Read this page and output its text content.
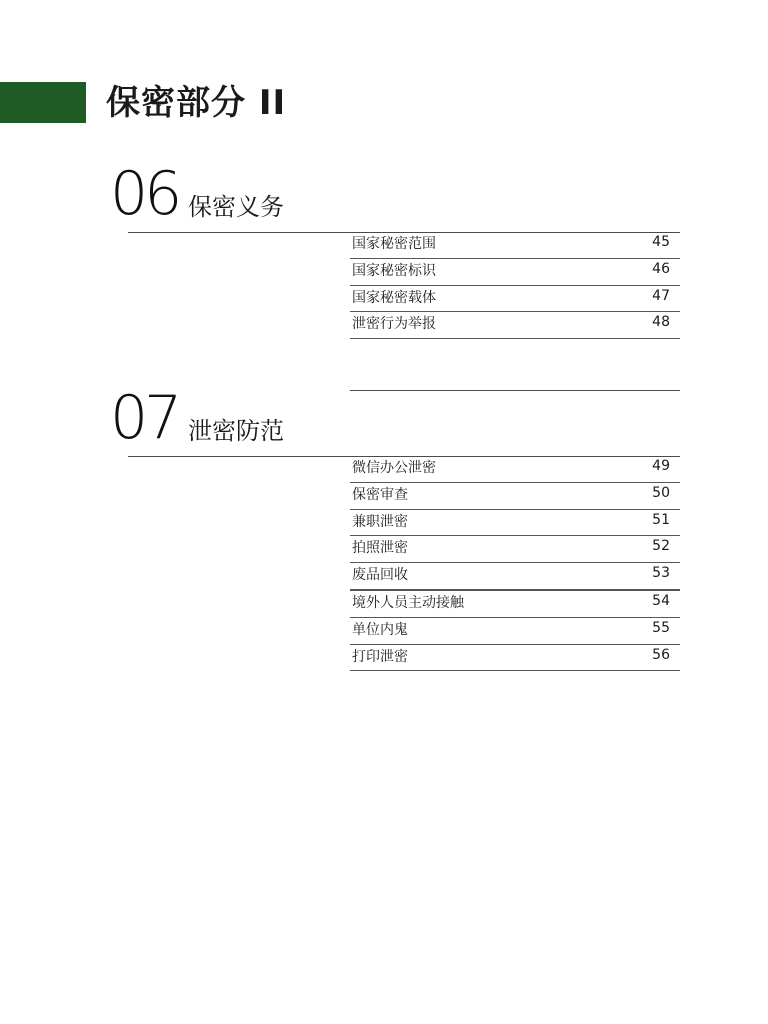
保密部分 II
06 保密义务
国家秘密范围	45
国家秘密标识	46
国家秘密载体	47
泄密行为举报	48
07 泄密防范
微信办公泄密	49
保密审查	50
兼职泄密	51
拍照泄密	52
废品回收	53
境外人员主动接触	54
单位内鬼	55
打印泄密	56
